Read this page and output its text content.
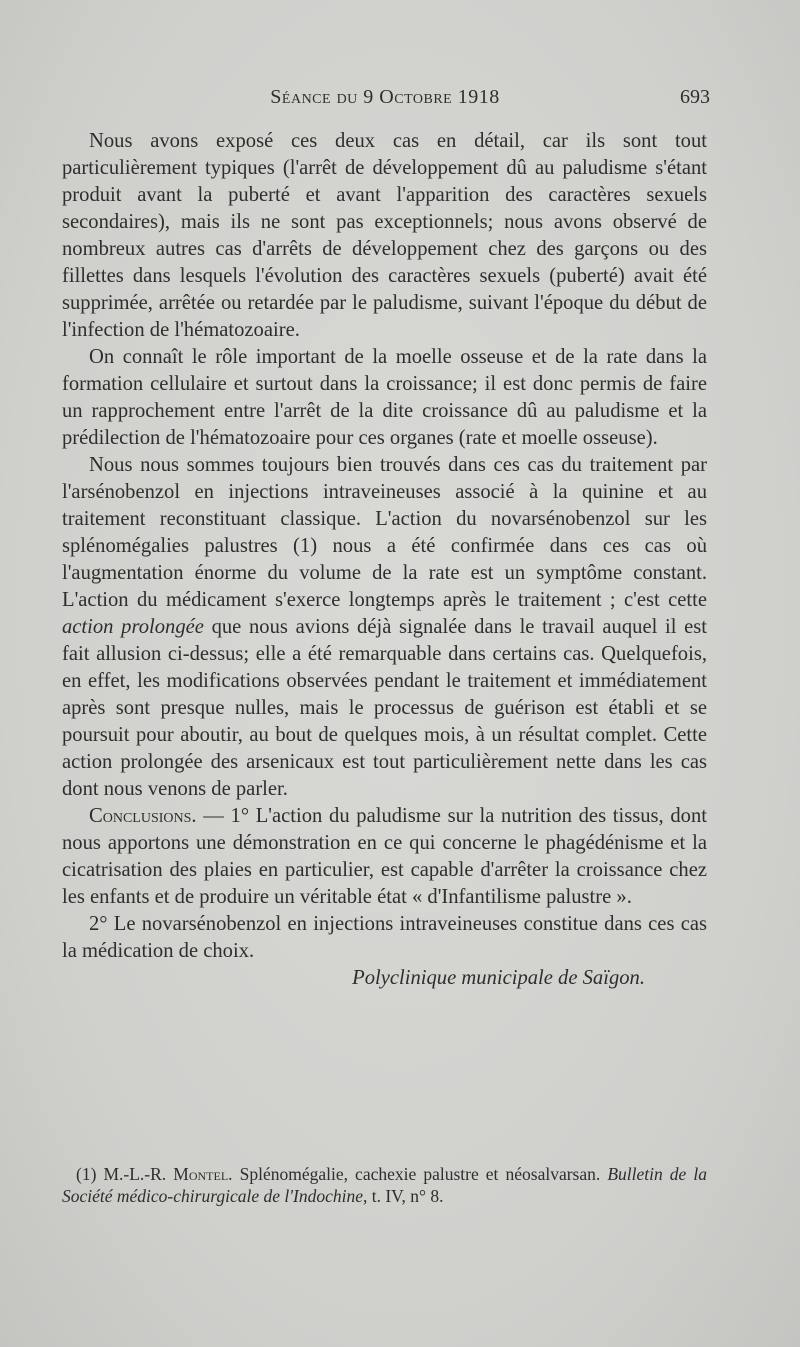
Séance du 9 Octobre 1918	693

Nous avons exposé ces deux cas en détail, car ils sont tout particulièrement typiques (l'arrêt de développement dû au paludisme s'étant produit avant la puberté et avant l'apparition des caractères sexuels secondaires), mais ils ne sont pas exceptionnels; nous avons observé de nombreux autres cas d'arrêts de développement chez des garçons ou des fillettes dans lesquels l'évolution des caractères sexuels (puberté) avait été supprimée, arrêtée ou retardée par le paludisme, suivant l'époque du début de l'infection de l'hématozoaire.

On connaît le rôle important de la moelle osseuse et de la rate dans la formation cellulaire et surtout dans la croissance; il est donc permis de faire un rapprochement entre l'arrêt de la dite croissance dû au paludisme et la prédilection de l'hématozoaire pour ces organes (rate et moelle osseuse).

Nous nous sommes toujours bien trouvés dans ces cas du traitement par l'arsénobenzol en injections intraveineuses associé à la quinine et au traitement reconstituant classique. L'action du novarsénobenzol sur les splénomégalies palustres (1) nous a été confirmée dans ces cas où l'augmentation énorme du volume de la rate est un symptôme constant. L'action du médicament s'exerce longtemps après le traitement ; c'est cette action prolongée que nous avions déjà signalée dans le travail auquel il est fait allusion ci-dessus; elle a été remarquable dans certains cas. Quelquefois, en effet, les modifications observées pendant le traitement et immédiatement après sont presque nulles, mais le processus de guérison est établi et se poursuit pour aboutir, au bout de quelques mois, à un résultat complet. Cette action prolongée des arsenicaux est tout particulièrement nette dans les cas dont nous venons de parler.

Conclusions. — 1° L'action du paludisme sur la nutrition des tissus, dont nous apportons une démonstration en ce qui concerne le phagédénisme et la cicatrisation des plaies en particulier, est capable d'arrêter la croissance chez les enfants et de produire un véritable état « d'Infantilisme palustre ».

2° Le novarsénobenzol en injections intraveineuses constitue dans ces cas la médication de choix.

Polyclinique municipale de Saïgon.

(1) M.-L.-R. Montel. Splénomégalie, cachexie palustre et néosalvarsan. Bulletin de la Société médico-chirurgicale de l'Indochine, t. IV, n° 8.
